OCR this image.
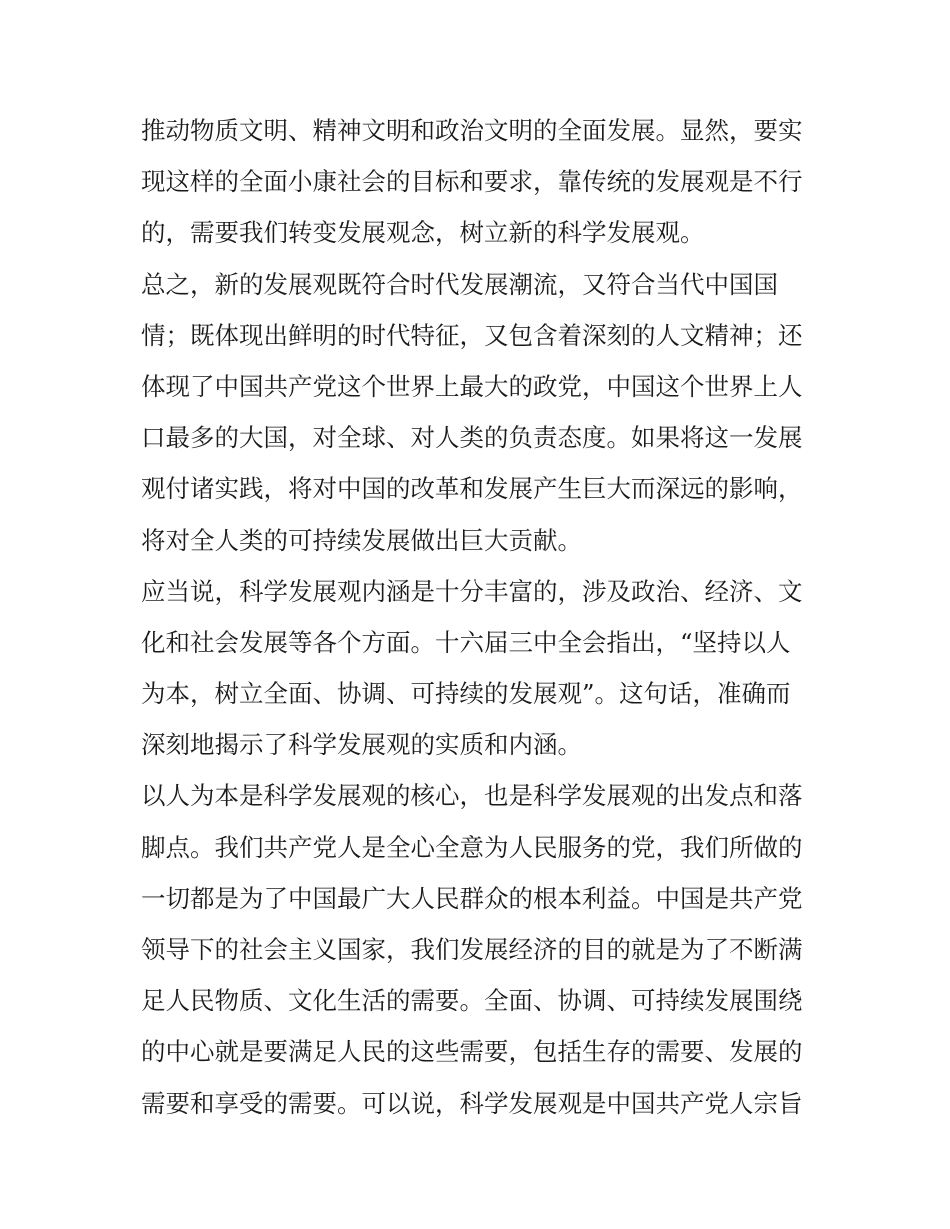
推动物质文明、精神文明和政治文明的全面发展。显然，要实
现这样的全面小康社会的目标和要求，靠传统的发展观是不行
的，需要我们转变发展观念，树立新的科学发展观。

总之，新的发展观既符合时代发展潮流，又符合当代中国国
情；既体现出鲜明的时代特征，又包含着深刻的人文精神；还
体现了中国共产党这个世界上最大的政党，中国这个世界上人
口最多的大国，对全球、对人类的负责态度。如果将这一发展
观付诸实践，将对中国的改革和发展产生巨大而深远的影响，
将对全人类的可持续发展做出巨大贡献。

应当说，科学发展观内涵是十分丰富的，涉及政治、经济、文
化和社会发展等各个方面。十六届三中全会指出，“坚持以人
为本，树立全面、协调、可持续的发展观”。这句话，准确而
深刻地揭示了科学发展观的实质和内涵。

以人为本是科学发展观的核心，也是科学发展观的出发点和落
脚点。我们共产党人是全心全意为人民服务的党，我们所做的
一切都是为了中国最广大人民群众的根本利益。中国是共产党
领导下的社会主义国家，我们发展经济的目的就是为了不断满
足人民物质、文化生活的需要。全面、协调、可持续发展围绕
的中心就是要满足人民的这些需要，包括生存的需要、发展的
需要和享受的需要。可以说，科学发展观是中国共产党人宗旨
